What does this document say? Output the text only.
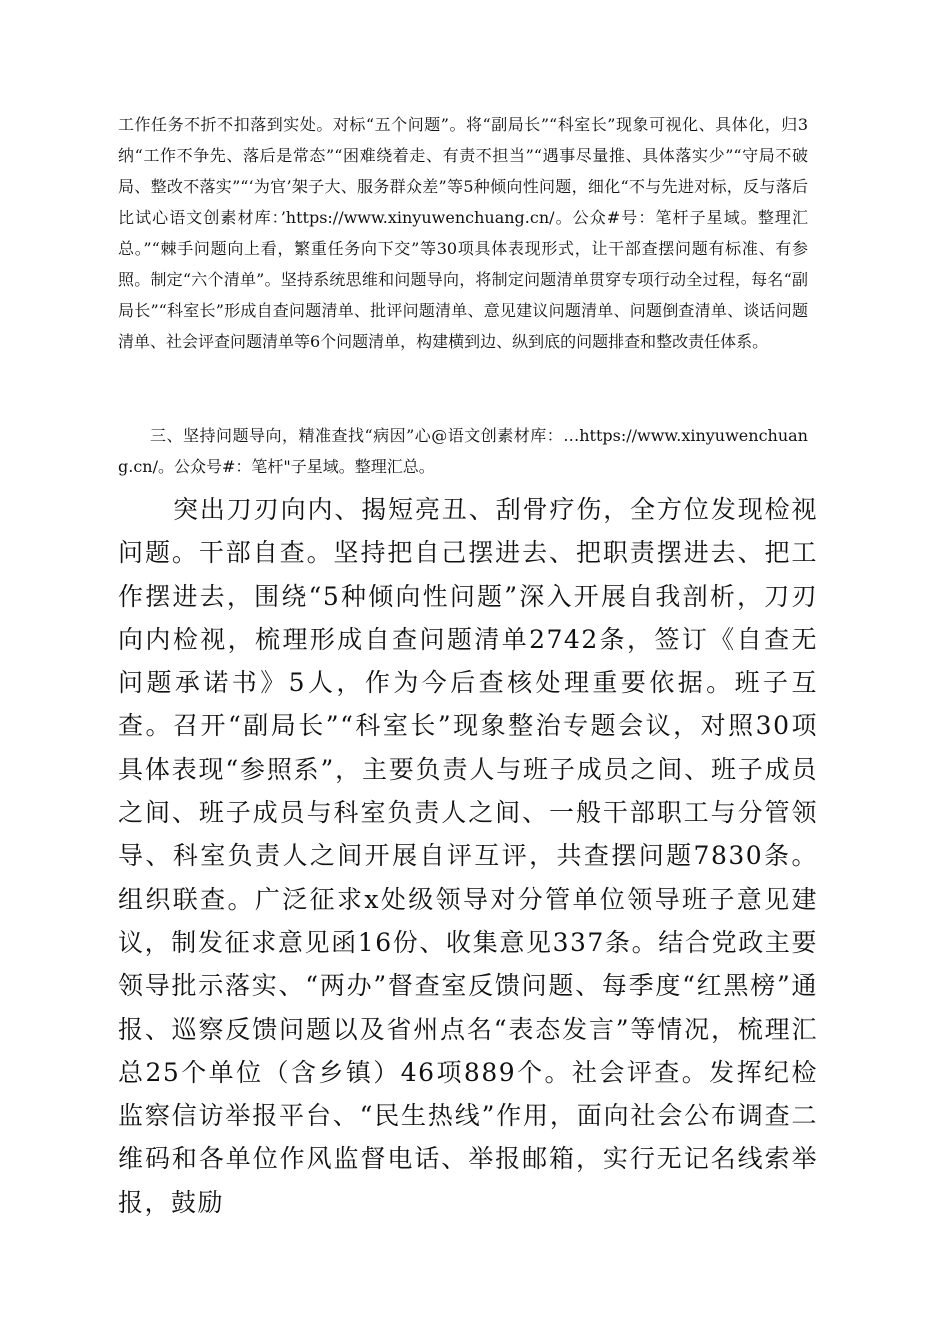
工作任务不折不扣落到实处。对标“五个问题”。将“副局长”“科室长”现象可视化、具体化，归3纳“工作不争先、落后是常态”“困难绕着走、有责不担当”“遇事尽量推、具体落实少”“守局不破局、整改不落实”“‘为官’架子大、服务群众差”等5种倾向性问题，细化“不与先进对标，反与落后比试心语文创素材库：’https://www.xinyuwenchuang.cn/。公众#号：笔杆子星域。整理汇总。”“棘手问题向上看，繁重任务向下交”等30项具体表现形式，让干部查摆问题有标准、有参照。制定“六个清单”。坚持系统思维和问题导向，将制定问题清单贯穿专项行动全过程，每名“副局长”“科室长”形成自查问题清单、批评问题清单、意见建议问题清单、问题倒查清单、谈话问题清单、社会评查问题清单等6个问题清单，构建横到边、纵到底的问题排查和整改责任体系。

三、坚持问题导向，精准查找“病因”心@语文创素材库：…https://www.xinyuwenchuang.cn/。公众号#：笔杆"子星域。整理汇总。

突出刀刃向内、揭短亮丑、刮骨疗伤，全方位发现检视问题。干部自查。坚持把自己摆进去、把职责摆进去、把工作摆进去，围绕“5种倾向性问题”深入开展自我剖析，刀刃向内检视，梳理形成自查问题清单2742条，签订《自查无问题承诺书》5人，作为今后查核处理重要依据。班子互查。召开“副局长”“科室长”现象整治专题会议，对照30项具体表现“参照系”，主要负责人与班子成员之间、班子成员之间、班子成员与科室负责人之间、一般干部职工与分管领导、科室负责人之间开展自评互评，共查摆问题7830条。组织联查。广泛征求x处级领导对分管单位领导班子意见建议，制发征求意见函16份、收集意见337条。结合党政主要领导批示落实、“两办”督查室反馈问题、每季度“红黑榜”通报、巡察反馈问题以及省州点名“表态发言”等情况，梳理汇总25个单位（含乡镇）46项889个。社会评查。发挥纪检监察信访举报平台、“民生热线”作用，面向社会公布调查二维码和各单位作风监督电话、举报邮箱，实行无记名线索举报，鼓励
